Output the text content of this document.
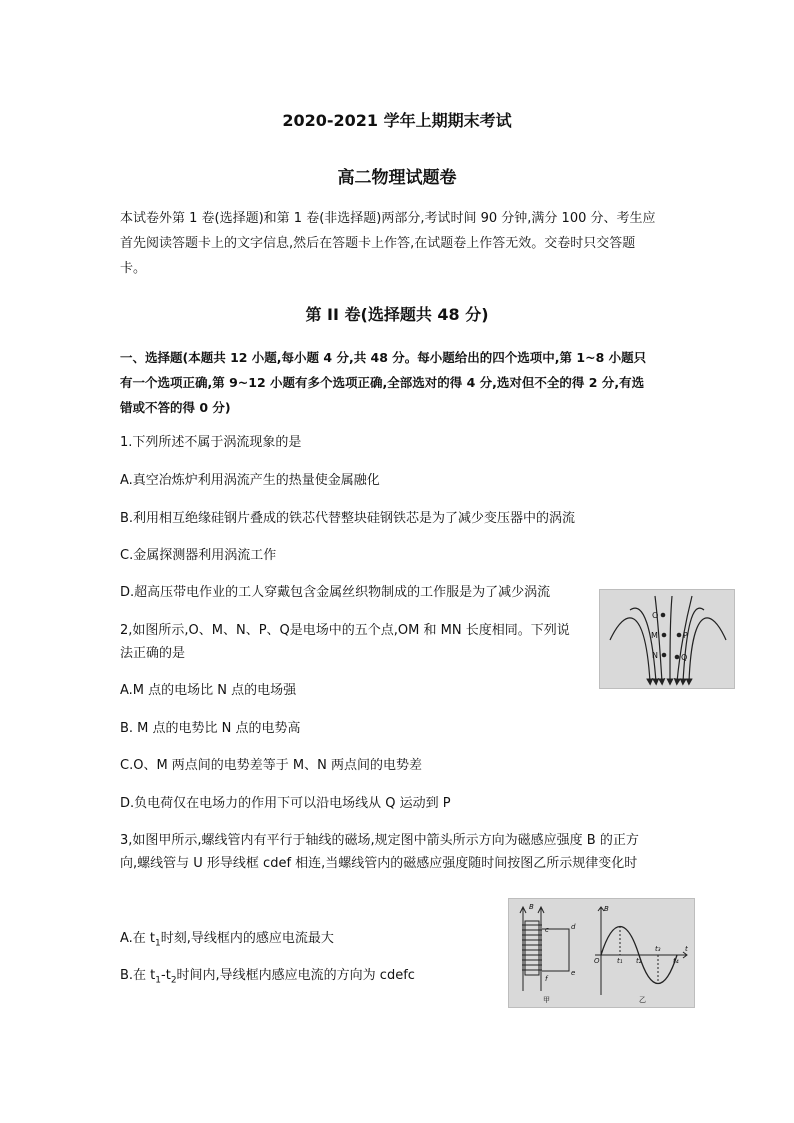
2020-2021 学年上期期末考试
高二物理试题卷
本试卷外第 1 卷(选择题)和第 1 卷(非选择题)两部分,考试时间 90 分钟,满分 100 分、考生应
首先阅读答题卡上的文字信息,然后在答题卡上作答,在试题卷上作答无效。交卷时只交答题
卡。
第 II 卷(选择题共 48 分)
一、选择题(本题共 12 小题,每小题 4 分,共 48 分。每小题给出的四个选项中,第 1~8 小题只
有一个选项正确,第 9~12 小题有多个选项正确,全部选对的得 4 分,选对但不全的得 2 分,有选
错或不答的得 0 分)
1.下列所述不属于涡流现象的是
A.真空冶炼炉利用涡流产生的热量使金属融化
B.利用相互绝缘硅钢片叠成的铁芯代替整块硅钢铁芯是为了减少变压器中的涡流
C.金属探测器利用涡流工作
D.超高压带电作业的工人穿戴包含金属丝织物制成的工作服是为了减少涡流
2,如图所示,O、M、N、P、Q是电场中的五个点,OM 和 MN 长度相同。下列说
法正确的是
O
M
N
P
Q
A.M 点的电场比 N 点的电场强
B. M 点的电势比 N 点的电势高
C.O、M 两点间的电势差等于 M、N 两点间的电势差
D.负电荷仅在电场力的作用下可以沿电场线从 Q 运动到 P
3,如图甲所示,螺线管内有平行于轴线的磁场,规定图中箭头所示方向为磁感应强度 B 的正方
向,螺线管与 U 形导线框 cdef 相连,当螺线管内的磁感应强度随时间按图乙所示规律变化时
B
c	d
e
f
B
t
O t₁ t₂
t₃
t₄
甲	乙
A.在 $t_1$时刻,导线框内的感应电流最大
B.在 $t_1-t_2$时间内,导线框内感应电流的方向为 cdefc
